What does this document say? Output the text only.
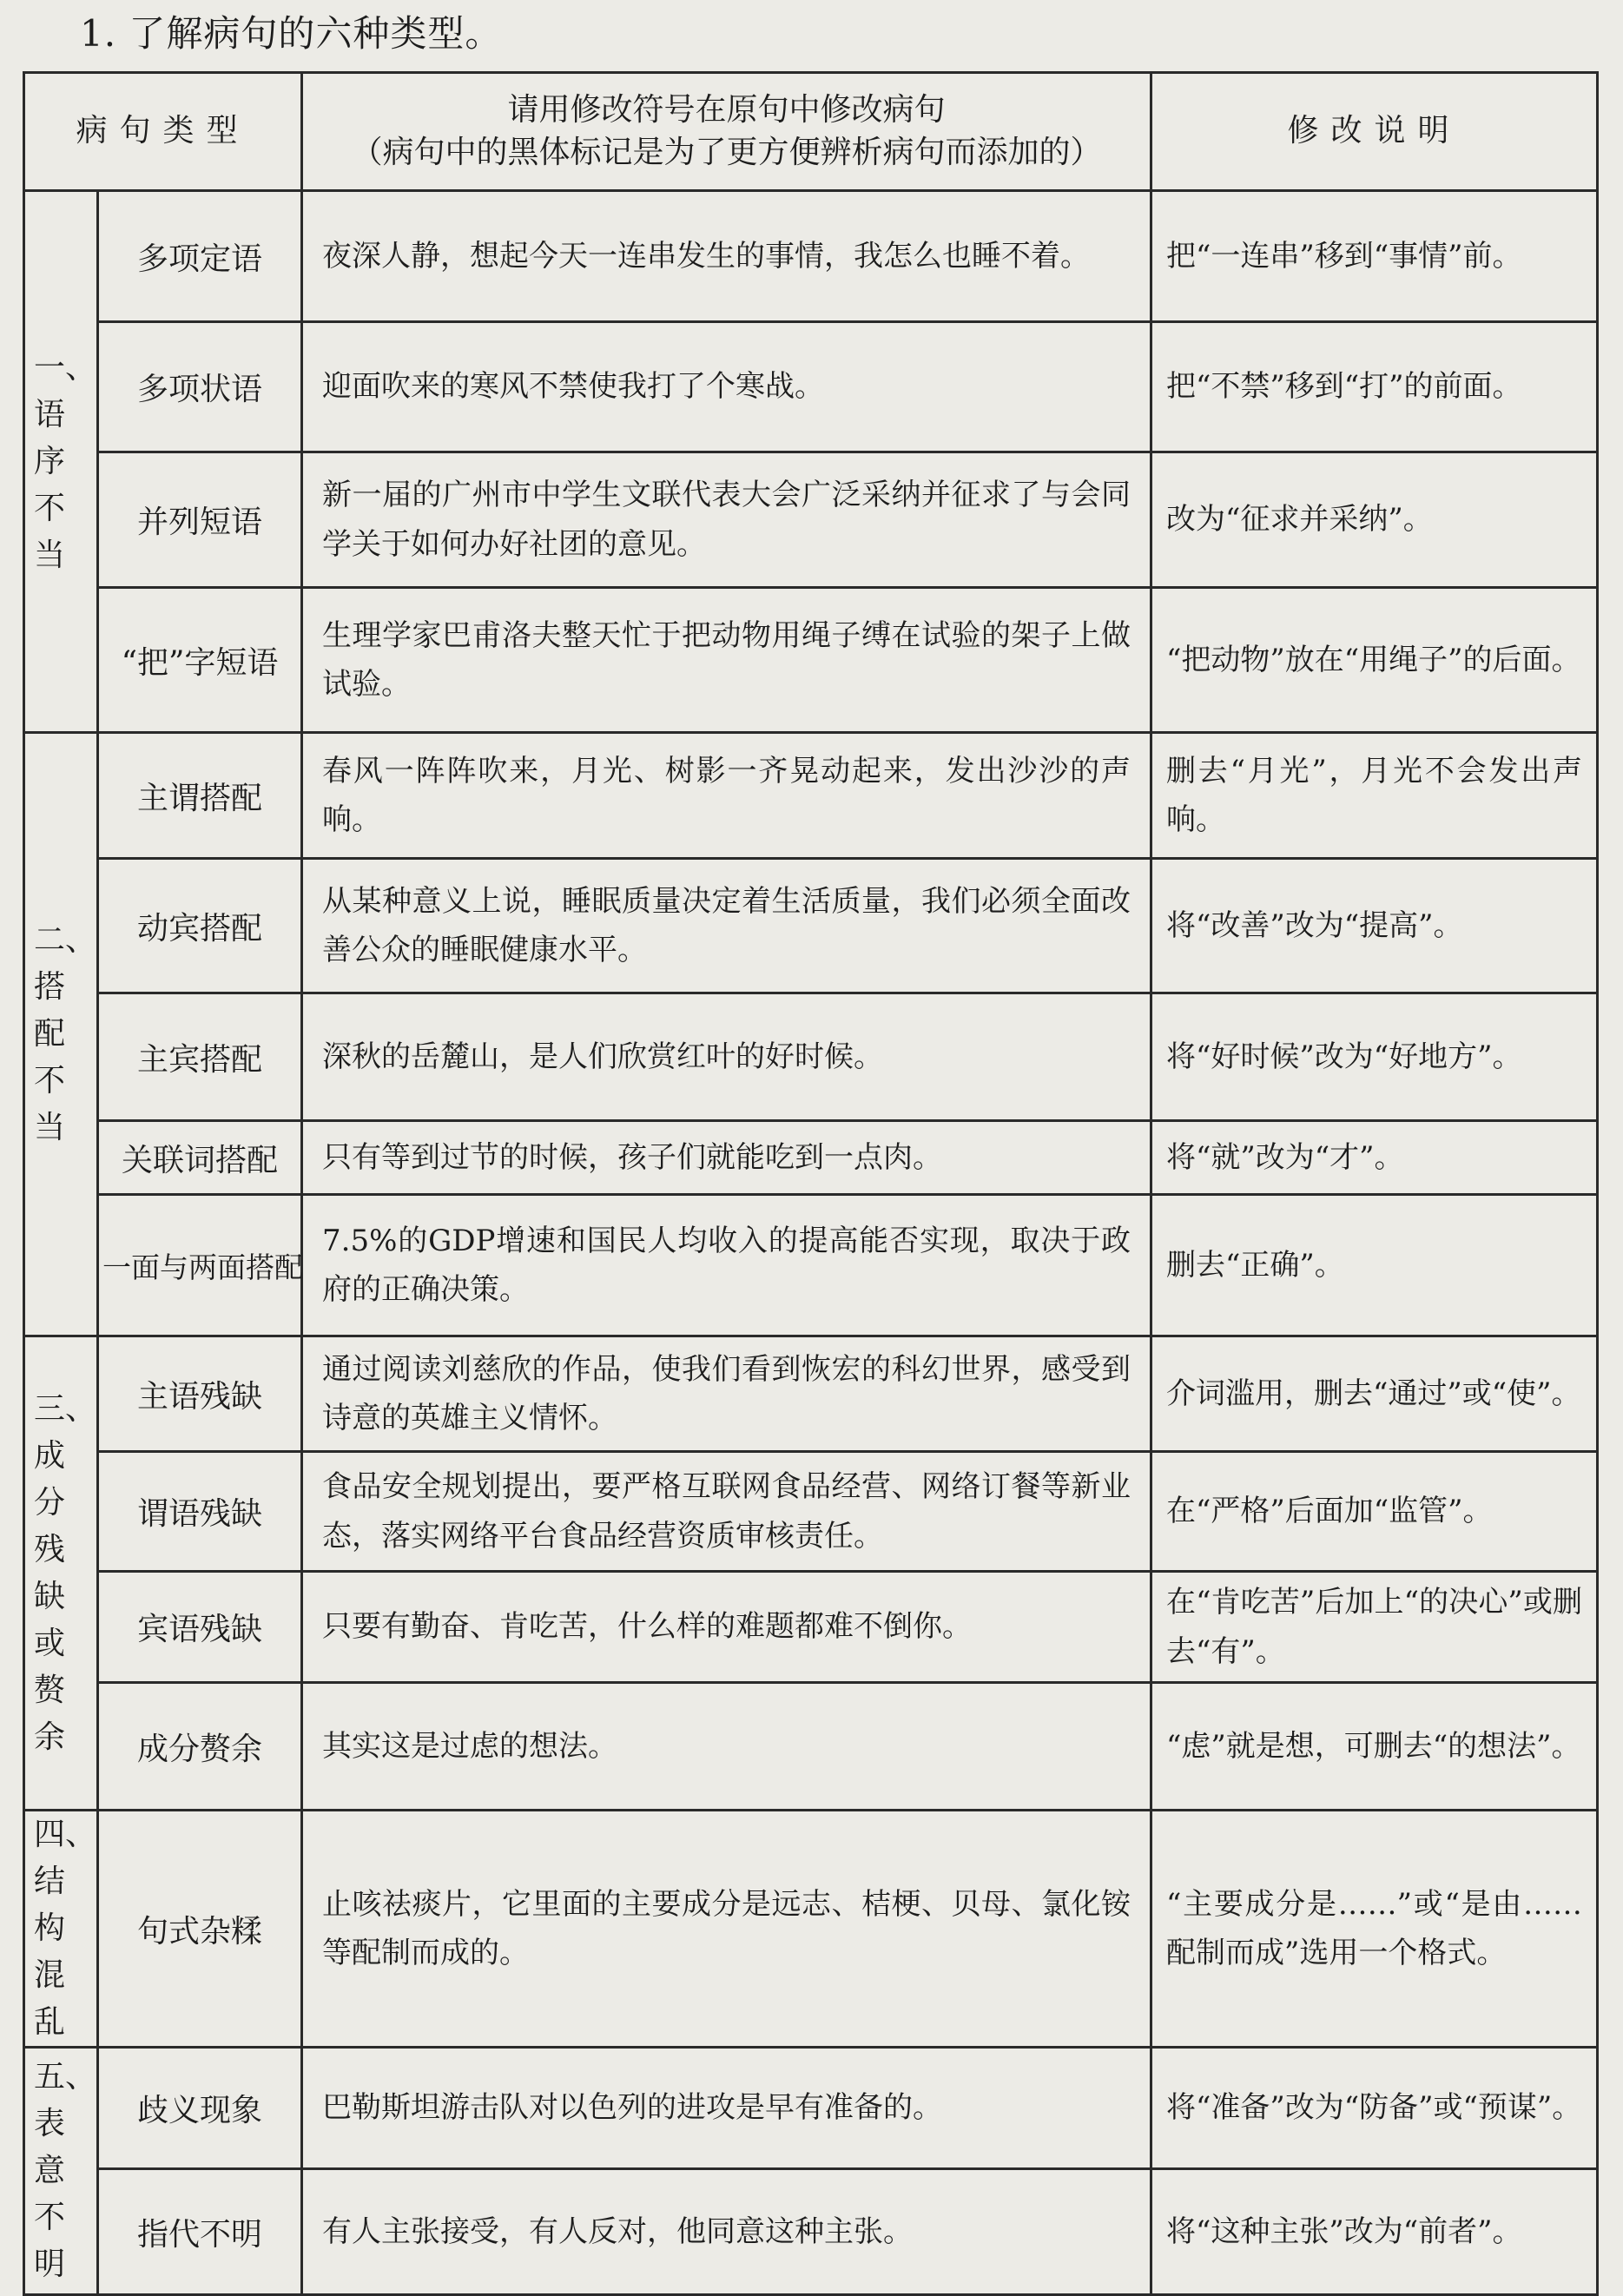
1. 了解病句的六种类型。
病句类型		请用修改符号在原句中修改病句
（病句中的黑体标记是为了更方便辨析病句而添加的）	修改说明
一、语序不当	多项定语	夜深人静，想起今天一连串发生的事情，我怎么也睡不着。	把“一连串”移到“事情”前。
	多项状语	迎面吹来的寒风不禁使我打了个寒战。	把“不禁”移到“打”的前面。
	并列短语	新一届的广州市中学生文联代表大会广泛采纳并征求了与会同学关于如何办好社团的意见。	改为“征求并采纳”。
	“把”字短语	生理学家巴甫洛夫整天忙于把动物用绳子缚在试验的架子上做试验。	“把动物”放在“用绳子”的后面。
二、搭配不当	主谓搭配	春风一阵阵吹来，月光、树影一齐晃动起来，发出沙沙的声响。	删去“月光”，月光不会发出声响。
	动宾搭配	从某种意义上说，睡眠质量决定着生活质量，我们必须全面改善公众的睡眠健康水平。	将“改善”改为“提高”。
	主宾搭配	深秋的岳麓山，是人们欣赏红叶的好时候。	将“好时候”改为“好地方”。
	关联词搭配	只有等到过节的时候，孩子们就能吃到一点肉。	将“就”改为“才”。
	一面与两面搭配	7.5%的GDP增速和国民人均收入的提高能否实现，取决于政府的正确决策。	删去“正确”。
三、成分残缺或赘余	主语残缺	通过阅读刘慈欣的作品，使我们看到恢宏的科幻世界，感受到诗意的英雄主义情怀。	介词滥用，删去“通过”或“使”。
	谓语残缺	食品安全规划提出，要严格互联网食品经营、网络订餐等新业态，落实网络平台食品经营资质审核责任。	在“严格”后面加“监管”。
	宾语残缺	只要有勤奋、肯吃苦，什么样的难题都难不倒你。	在“肯吃苦”后加上“的决心”或删去“有”。
	成分赘余	其实这是过虑的想法。	“虑”就是想，可删去“的想法”。
四、结构混乱	句式杂糅	止咳祛痰片，它里面的主要成分是远志、桔梗、贝母、氯化铵等配制而成的。	“主要成分是……”或“是由……配制而成”选用一个格式。
五、表意不明	歧义现象	巴勒斯坦游击队对以色列的进攻是早有准备的。	将“准备”改为“防备”或“预谋”。
	指代不明	有人主张接受，有人反对，他同意这种主张。	将“这种主张”改为“前者”。
